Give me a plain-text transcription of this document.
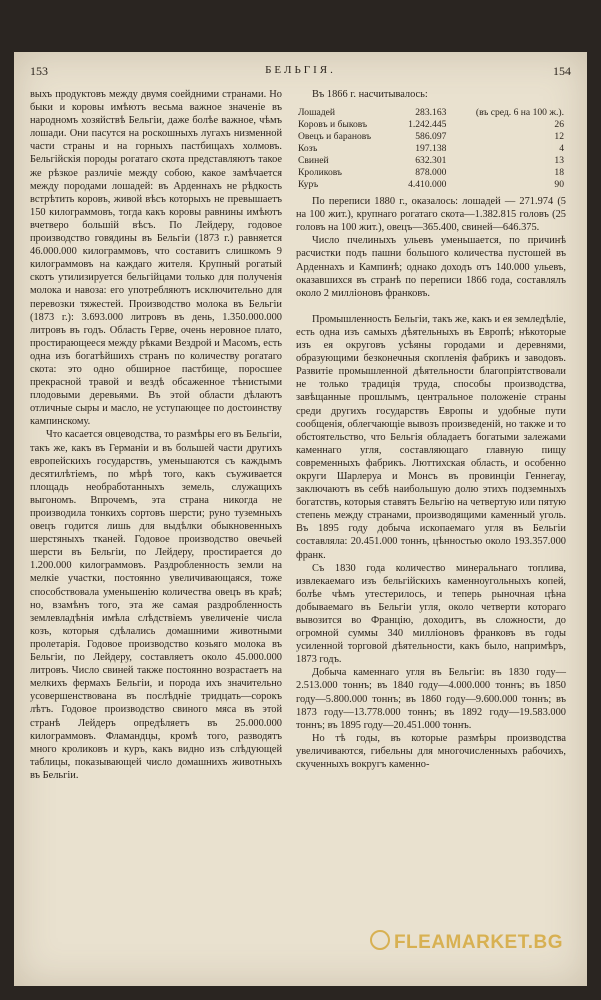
153	БЕЛЬГIЯ.	154

выхъ продуктовъ между двумя соейдними странами. Но быки и коровы имѣютъ весьма важное значеніе въ народномъ хозяйствѣ Бельгіи, даже болѣе важное, чѣмъ лошади. Они пасутся на роскошныхъ лугахъ низменной части страны и на горныхъ пастбищахъ холмовъ. Бельгійскія породы рогатаго скота представляютъ такое же рѣзкое различіе между собою, какое замѣчается между породами лошадей: въ Арденнахъ не рѣдкость встрѣтить коровъ, живой вѣсъ которыхъ не превышаетъ 150 килограммовъ, тогда какъ коровы равнины имѣютъ вчетверо большій вѣсъ. По Лейдеру, годовое производство говядины въ Бельгіи (1873 г.) равняется 46.000.000 килограммовъ, что составитъ слишкомъ 9 килограммовъ на каждаго жителя. Крупный рогатый скотъ утилизируется бельгійцами только для полученія молока и навоза: его употребляютъ исключительно для перевозки тяжестей. Производство молока въ Бельгіи (1873 г.): 3.693.000 литровъ въ день, 1.350.000.000 литровъ въ годъ. Область Гервe, очень неровное плато, простирающееся между рѣками Вездрой и Масомъ, есть одна изъ богатѣйшихъ странъ по количеству рогатаго скота: это одно обширное пастбище, поросшее прекрасной травой и вездѣ обсаженное тѣнистыми плодовыми деревьями. Въ этой области дѣлаютъ отличные сыры и масло, не уступающее по достоинству кампинскому.

Что касается овцеводства, то размѣры его въ Бельгіи, такъ же, какъ въ Германіи и въ большей части другихъ европейскихъ государствъ, уменьшаются съ каждымъ десятилѣтіемъ, по мѣрѣ того, какъ съуживается площадь необработанныхъ земель, служащихъ выгономъ. Впрочемъ, эта страна никогда не производила тонкихъ сортовъ шерсти; руно туземныхъ овецъ годится лишь для выдѣлки обыкновенныхъ шерстяныхъ тканей. Годовое производство овечьей шерсти въ Бельгіи, по Лейдеру, простирается до 1.200.000 килограммовъ. Раздробленность земли на мелкіе участки, постоянно увеличивающаяся, тоже способствовала уменьшенію количества овецъ въ краѣ; но, взамѣнъ того, эта же самая раздробленность землевладѣнія имѣла слѣдствіемъ увеличеніе числа козъ, которыя сдѣлались домашними животными пролетарія. Годовое производство козьяго молока въ Бельгіи, по Лейдеру, составляетъ около 45.000.000 литровъ. Число свиней также постоянно возрастаетъ на мелкихъ фермахъ Бельгіи, и порода ихъ значительно усовершенствована въ послѣдніе тридцать—сорокъ лѣтъ. Годовое производство свиного мяса въ этой странѣ Лейдеръ опредѣляетъ въ 25.000.000 килограммовъ. Фламандцы, кромѣ того, разводятъ много кроликовъ и куръ, какъ видно изъ слѣдующей таблицы, показывающей число домашнихъ животныхъ въ Бельгіи.

Въ 1866 г. насчитывалось:

Лошадей	283.163	(въ сред. 6 на 100 ж.).
Коровъ и быковъ	1.242.445	26
Овецъ и барановъ	586.097	12
Козъ	197.138	4
Свиней	632.301	13
Кроликовъ	878.000	18
Куръ	4.410.000	90

По переписи 1880 г., оказалось: лошадей — 271.974 (5 на 100 жит.), крупнаго рогатаго скота—1.382.815 головъ (25 головъ на 100 жит.), овецъ—365.400, свиней—646.375.

Число пчелиныхъ ульевъ уменьшается, по причинѣ расчистки подъ пашни большого количества пустошей въ Арденнахъ и Кампинѣ; однако доходъ отъ 140.000 ульевъ, оказавшихся въ странѣ по переписи 1866 года, составлялъ около 2 милліоновъ франковъ.

Промышленность Бельгіи, такъ же, какъ и ея земледѣліе, есть одна изъ самыхъ дѣятельныхъ въ Европѣ; нѣкоторые изъ ея округовъ усѣяны городами и деревнями, образующими безконечныя скопленія фабрикъ и заводовъ. Развитіе промышленной дѣятельности благопріятствовали не только традиція труда, способы производства, завѣщанные прошлымъ, центральное положеніе страны среди другихъ государствъ Европы и удобные пути сообщенія, облегчающіе вывозъ произведеній, но также и то обстоятельство, что Бельгія обладаетъ богатыми залежами каменнаго угля, составляющаго главную пищу современныхъ фабрикъ. Люттихская область, и особенно округи Шарлеруа и Монсъ въ провинціи Геннегау, заключаютъ въ себѣ наибольшую долю этихъ подземныхъ богатствъ, которыя ставятъ Бельгію на четвертую или пятую степень между странами, производящими каменный уголь. Въ 1895 году добыча ископаемаго угля въ Бельгіи составляла: 20.451.000 тоннъ, цѣнностью около 193.357.000 франк.

Съ 1830 года количество минеральнаго топлива, извлекаемаго изъ бельгійскихъ каменноугольныхъ копей, болѣе чѣмъ утестерилось, и теперь рыночная цѣна добываемаго въ Бельгіи угля, около четверти котораго вывозится во Францію, доходитъ, въ сложности, до огромной суммы 340 милліоновъ франковъ въ годы усиленной торговой дѣятельности, какъ было, напримѣръ, 1873 годъ.

Добыча каменнаго угля въ Бельгіи: въ 1830 году—2.513.000 тоннъ; въ 1840 году—4.000.000 тоннъ; въ 1850 году—5.800.000 тоннъ; въ 1860 году—9.600.000 тоннъ; въ 1873 году—13.778.000 тоннъ; въ 1892 году—19.583.000 тоннъ; въ 1895 году—20.451.000 тоннъ.

Но тѣ годы, въ которые размѣры производства увеличиваются, гибельны для многочисленныхъ рабочихъ, скученныхъ вокругъ каменно-

FLEAMARKET.BG
